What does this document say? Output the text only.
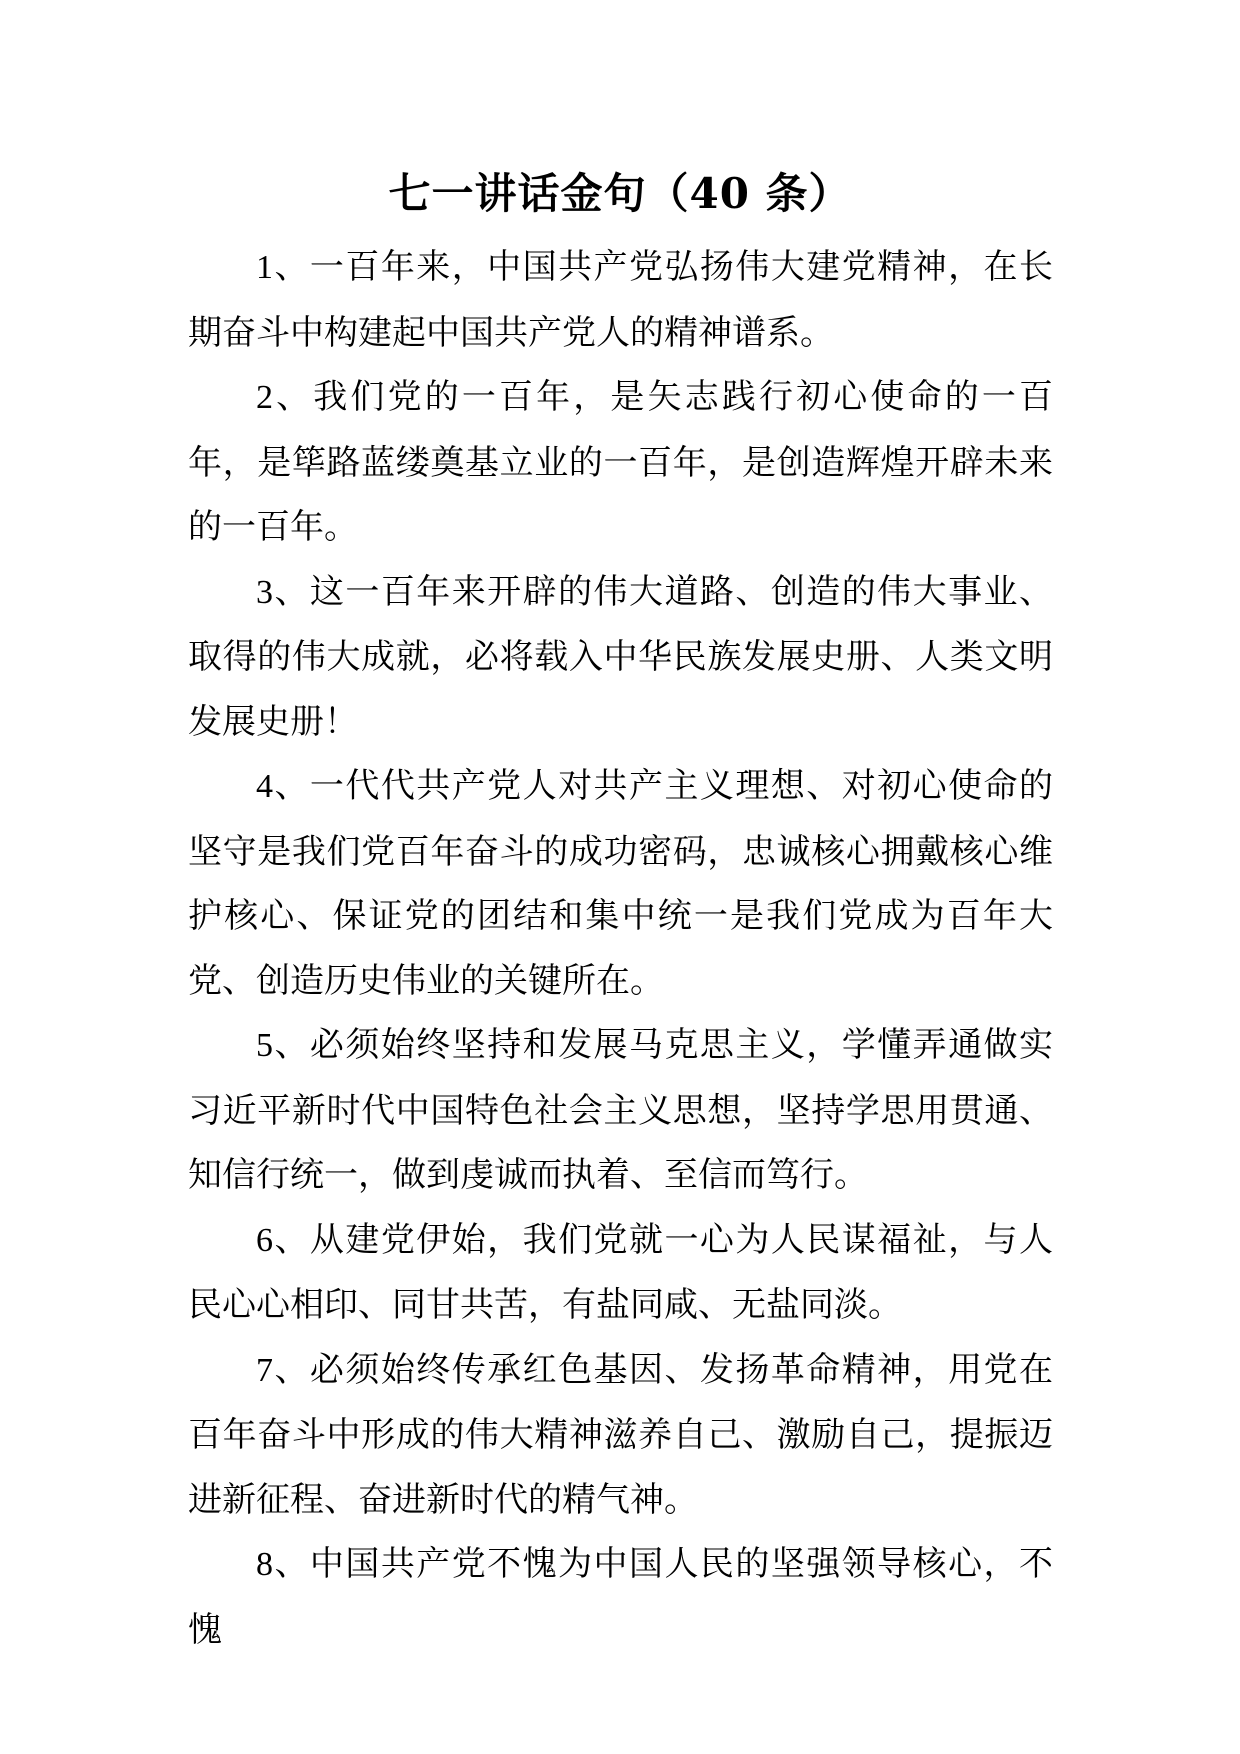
七一讲话金句（40 条）

1、一百年来，中国共产党弘扬伟大建党精神，在长期奋斗中构建起中国共产党人的精神谱系。

2、我们党的一百年，是矢志践行初心使命的一百年，是筚路蓝缕奠基立业的一百年，是创造辉煌开辟未来的一百年。

3、这一百年来开辟的伟大道路、创造的伟大事业、取得的伟大成就，必将载入中华民族发展史册、人类文明发展史册！

4、一代代共产党人对共产主义理想、对初心使命的坚守是我们党百年奋斗的成功密码，忠诚核心拥戴核心维护核心、保证党的团结和集中统一是我们党成为百年大党、创造历史伟业的关键所在。

5、必须始终坚持和发展马克思主义，学懂弄通做实习近平新时代中国特色社会主义思想，坚持学思用贯通、知信行统一，做到虔诚而执着、至信而笃行。

6、从建党伊始，我们党就一心为人民谋福祉，与人民心心相印、同甘共苦，有盐同咸、无盐同淡。

7、必须始终传承红色基因、发扬革命精神，用党在百年奋斗中形成的伟大精神滋养自己、激励自己，提振迈进新征程、奋进新时代的精气神。

8、中国共产党不愧为中国人民的坚强领导核心，不愧
